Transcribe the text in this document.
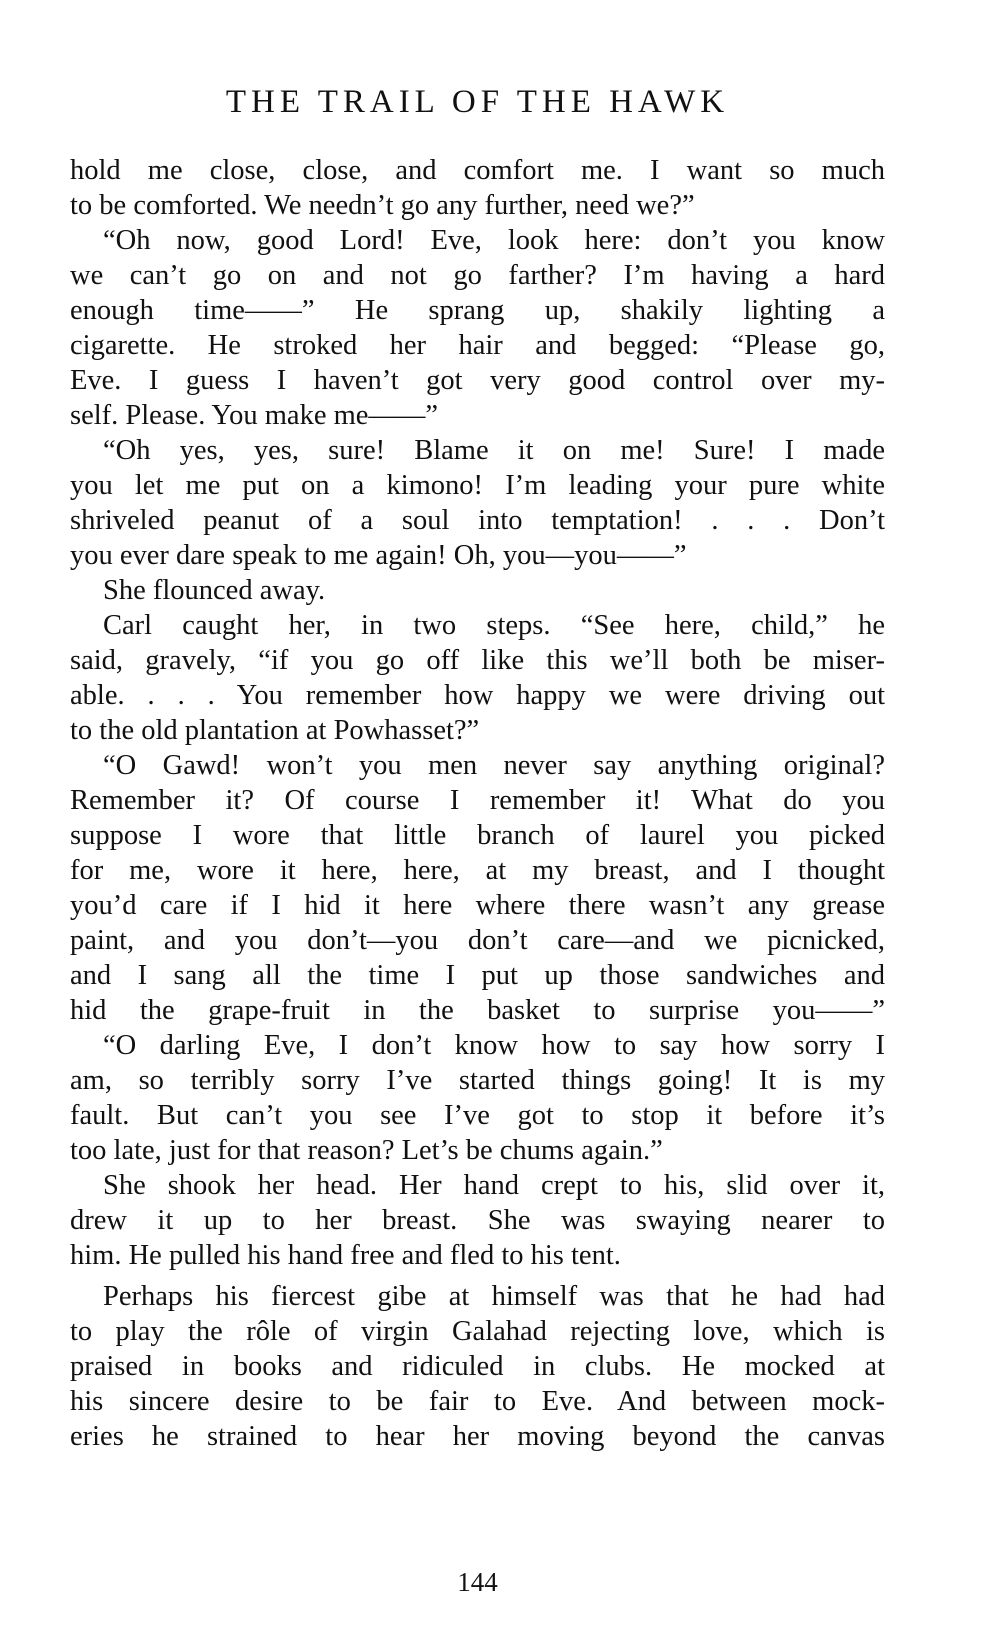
THE TRAIL OF THE HAWK
hold me close, close, and comfort me. I want so much
to be comforted. We needn’t go any further, need we?”
“Oh now, good Lord! Eve, look here: don’t you know
we can’t go on and not go farther? I’m having a hard
enough time——” He sprang up, shakily lighting a
cigarette. He stroked her hair and begged: “Please go,
Eve. I guess I haven’t got very good control over my-
self. Please. You make me——”
“Oh yes, yes, sure! Blame it on me! Sure! I made
you let me put on a kimono! I’m leading your pure white
shriveled peanut of a soul into temptation! . . . Don’t
you ever dare speak to me again! Oh, you—you——”
She flounced away.
Carl caught her, in two steps. “See here, child,” he
said, gravely, “if you go off like this we’ll both be miser-
able. . . . You remember how happy we were driving out
to the old plantation at Powhasset?”
“O Gawd! won’t you men never say anything original?
Remember it? Of course I remember it! What do you
suppose I wore that little branch of laurel you picked
for me, wore it here, here, at my breast, and I thought
you’d care if I hid it here where there wasn’t any grease
paint, and you don’t—you don’t care—and we picnicked,
and I sang all the time I put up those sandwiches and
hid the grape-fruit in the basket to surprise you——”
“O darling Eve, I don’t know how to say how sorry I
am, so terribly sorry I’ve started things going! It is my
fault. But can’t you see I’ve got to stop it before it’s
too late, just for that reason? Let’s be chums again.”
She shook her head. Her hand crept to his, slid over it,
drew it up to her breast. She was swaying nearer to
him. He pulled his hand free and fled to his tent.
Perhaps his fiercest gibe at himself was that he had had
to play the rôle of virgin Galahad rejecting love, which is
praised in books and ridiculed in clubs. He mocked at
his sincere desire to be fair to Eve. And between mock-
eries he strained to hear her moving beyond the canvas
144
